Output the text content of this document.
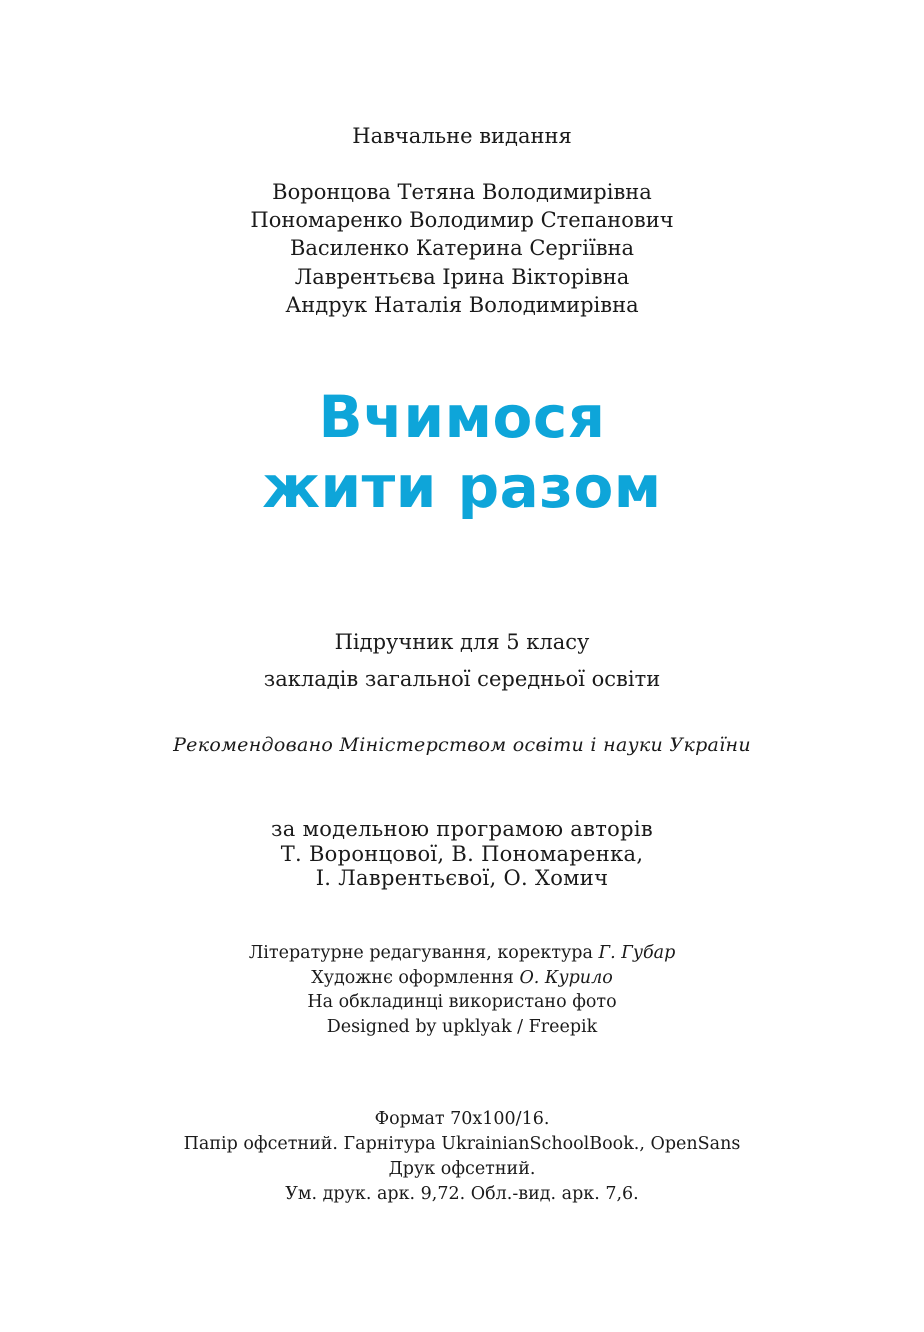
Навчальне видання
Воронцова Тетяна Володимирівна
Пономаренко Володимир Степанович
Василенко Катерина Сергіївна
Лаврентьєва Ірина Вікторівна
Андрук Наталія Володимирівна
Вчимося
жити разом
Підручник для 5 класу
закладів загальної середньої освіти
Рекомендовано Міністерством освіти і науки України
за модельною програмою авторів
Т. Воронцової, В. Пономаренка,
І. Лаврентьєвої, О. Хомич
Літературне редагування, коректура Г. Губар
Художнє оформлення О. Курило
На обкладинці використано фото
Designed by upklyak / Freepik
Формат 70x100/16.
Папір офсетний. Гарнітура UkrainianSchoolBook., OpenSans
Друк офсетний.
Ум. друк. арк. 9,72. Обл.-вид. арк. 7,6.
